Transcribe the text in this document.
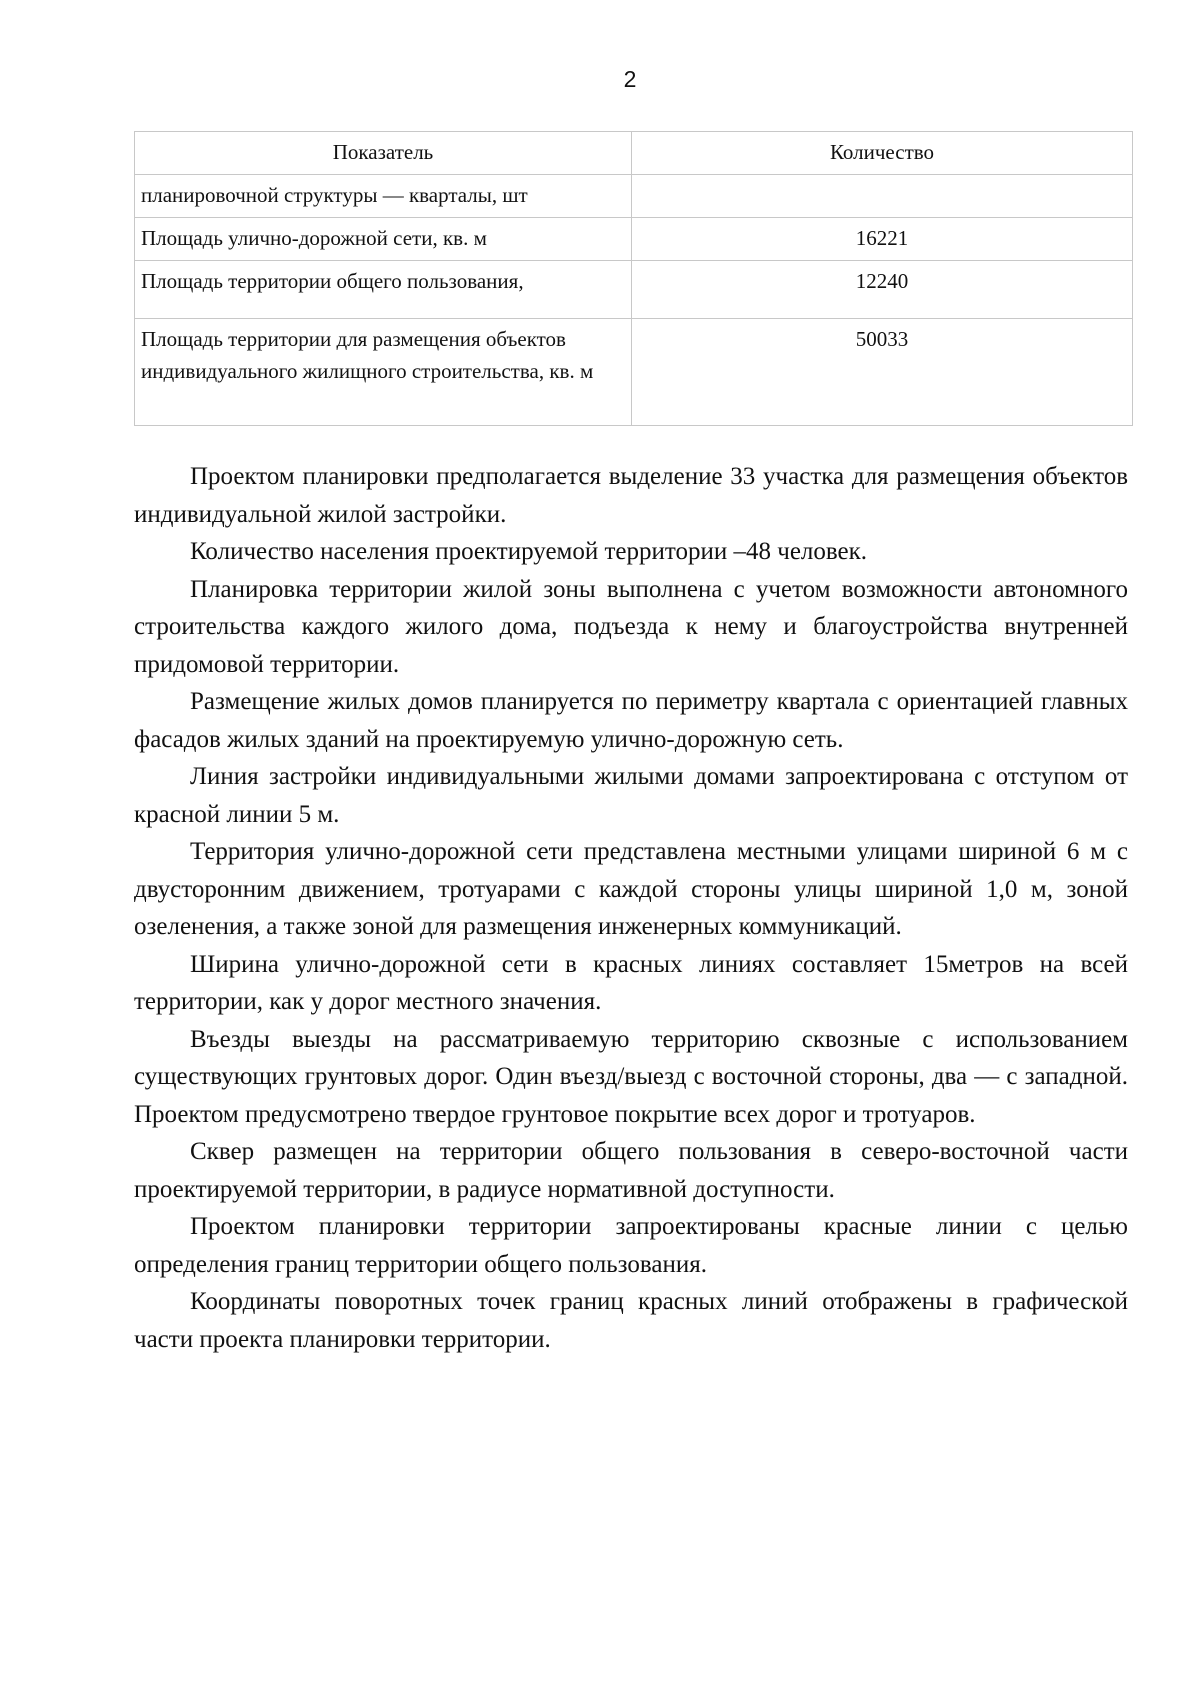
2
Показатель	Количество
планировочной структуры — кварталы, шт	
Площадь улично-дорожной сети, кв. м	16221
Площадь территории общего пользования,	12240
Площадь территории для размещения объектов индивидуального жилищного строительства, кв. м	50033

Проектом планировки предполагается выделение 33 участка для размещения объектов индивидуальной жилой застройки.

Количество населения проектируемой территории –48 человек.

Планировка территории жилой зоны выполнена с учетом возможности автономного строительства каждого жилого дома, подъезда к нему и благоустройства внутренней придомовой территории.

Размещение жилых домов планируется по периметру квартала с ориентацией главных фасадов жилых зданий на проектируемую улично-дорожную сеть.

Линия застройки индивидуальными жилыми домами запроектирована с отступом от красной линии 5 м.

Территория улично-дорожной сети представлена местными улицами шириной 6 м с двусторонним движением, тротуарами с каждой стороны улицы шириной 1,0 м, зоной озеленения, а также зоной для размещения инженерных коммуникаций.

Ширина улично-дорожной сети в красных линиях составляет 15метров на всей территории, как у дорог местного значения.

Въезды выезды на рассматриваемую территорию сквозные с использованием существующих грунтовых дорог. Один въезд/выезд с восточной стороны, два — с западной. Проектом предусмотрено твердое грунтовое покрытие всех дорог и тротуаров.

Сквер размещен на территории общего пользования в северо-восточной части проектируемой территории, в радиусе нормативной доступности.

Проектом планировки территории запроектированы красные линии с целью определения границ территории общего пользования.

Координаты поворотных точек границ красных линий отображены в графической части проекта планировки территории.
